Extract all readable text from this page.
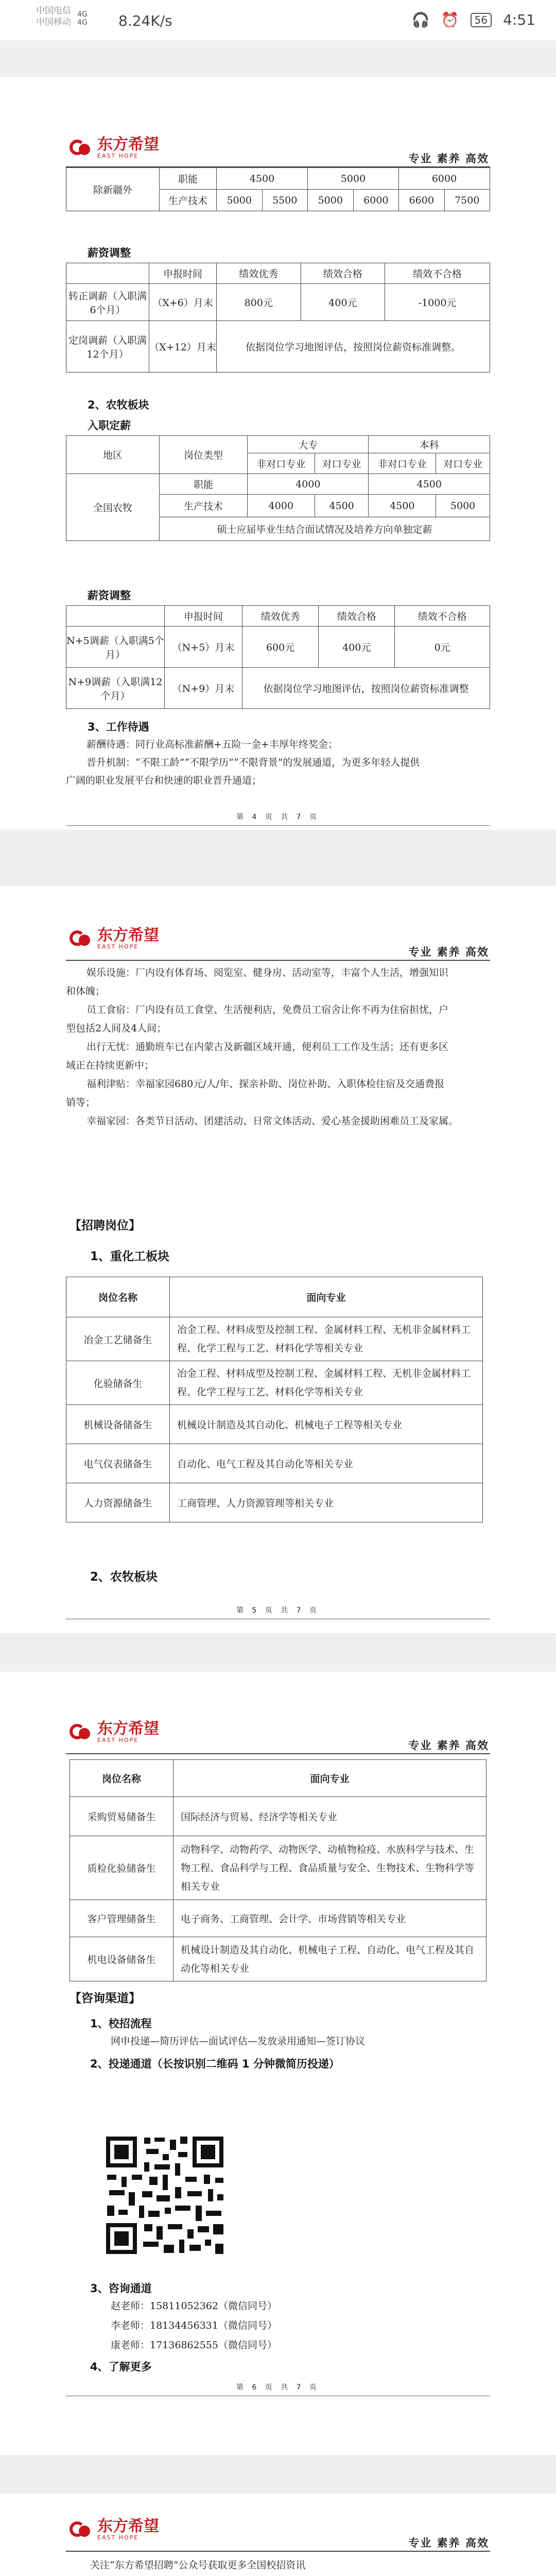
中国电信
中国移动
4G
4G 8.24K/s	🎧 ⏰	56 4:51
东方希望
EAST HOPE	专业 素养 高效
除新疆外	职能	4500		5000		6000	
	生产技术	5000	5500	5000	6000	6600	7500
薪资调整
	申报时间	绩效优秀	绩效合格	绩效不合格
转正调薪（入职满6个月）	（X+6）月末	800元	400元	-1000元
定岗调薪（入职满12个月）	（X+12）月末	依据岗位学习地图评估，按照岗位薪资标准调整。		
2、农牧板块
入职定薪
地区	岗位类型	大专		本科	
		非对口专业	对口专业	非对口专业	对口专业
全国农牧	职能	4000		4500	
	生产技术	4000	4500	4500	5000
	硕士应届毕业生结合面试情况及培养方向单独定薪				
薪资调整
	申报时间	绩效优秀	绩效合格	绩效不合格
N+5调薪（入职满5个月）	（N+5）月末	600元	400元	0元
N+9调薪（入职满12个月）	（N+9）月末	依据岗位学习地图评估，按照岗位薪资标准调整		
3、工作待遇
薪酬待遇：同行业高标准薪酬+五险一金+丰厚年终奖金；
晋升机制：“不限工龄”“不限学历”“不限背景”的发展通道，为更多年轻人提供
广阔的职业发展平台和快速的职业晋升通道；
第 4 页 共 7 页
东方希望
EAST HOPE	专业 素养 高效
娱乐设施：厂内设有体育场、阅览室、健身房、活动室等，丰富个人生活，增强知识
和体魄；
员工食宿：厂内设有员工食堂、生活便利店，免费员工宿舍让你不再为住宿担忧，户
型包括2人间及4人间；
出行无忧：通勤班车已在内蒙古及新疆区域开通，便利员工工作及生活；还有更多区
域正在持续更新中；
福利津贴：幸福家园680元/人/年、探亲补助、岗位补助、入职体检住宿及交通费报
销等；
幸福家园：各类节日活动、团建活动、日常文体活动、爱心基金援助困难员工及家属。
【招聘岗位】
1、重化工板块
岗位名称	面向专业
冶金工艺储备生	冶金工程、材料成型及控制工程、金属材料工程、无机非金属材料工程、化学工程与工艺、材料化学等相关专业
化验储备生	冶金工程、材料成型及控制工程、金属材料工程、无机非金属材料工程、化学工程与工艺、材料化学等相关专业
机械设备储备生	机械设计制造及其自动化、机械电子工程等相关专业
电气仪表储备生	自动化、电气工程及其自动化等相关专业
人力资源储备生	工商管理、人力资源管理等相关专业
2、农牧板块
第 5 页 共 7 页
东方希望
EAST HOPE	专业 素养 高效
岗位名称	面向专业
采购贸易储备生	国际经济与贸易、经济学等相关专业
质检化验储备生	动物科学、动物药学、动物医学、动植物检疫、水族科学与技术、生物工程、食品科学与工程、食品质量与安全、生物技术、生物科学等相关专业
客户管理储备生	电子商务、工商管理、会计学、市场营销等相关专业
机电设备储备生	机械设计制造及其自动化、机械电子工程、自动化、电气工程及其自动化等相关专业
【咨询渠道】
1、校招流程
网申投递—简历评估—面试评估—发放录用通知—签订协议
2、投递通道（长按识别二维码 1 分钟微简历投递）
3、咨询通道
赵老师：15811052362（微信同号）
李老师：18134456331（微信同号）
康老师：17136862555（微信同号）
4、了解更多
第 6 页 共 7 页
东方希望
EAST HOPE	专业 素养 高效
关注“东方希望招聘”公众号获取更多全国校招资讯
